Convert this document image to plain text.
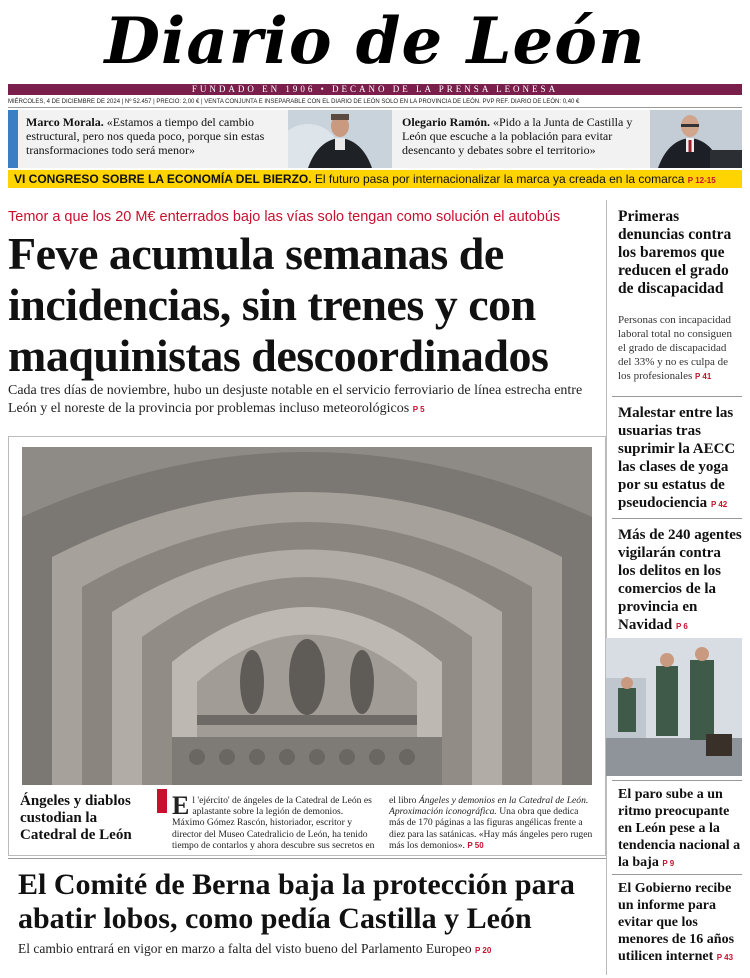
Diario de León
FUNDADO EN 1906 • DECANO DE LA PRENSA LEONESA
MIÉRCOLES, 4 DE DICIEMBRE DE 2024 | Nº 52.457 | PRECIO: 2,00 € | VENTA CONJUNTA E INSEPARABLE CON EL DIARIO DE LEÓN SOLO EN LA PROVINCIA DE LEÓN. PVP REF. DIARIO DE LEÓN: 0,40 €
Marco Morala. «Estamos a tiempo del cambio estructural, pero nos queda poco, porque sin estas transformaciones todo será menor»
Olegario Ramón. «Pido a la Junta de Castilla y León que escuche a la población para evitar desencanto y debates sobre el territorio»
VI CONGRESO SOBRE LA ECONOMÍA DEL BIERZO. El futuro pasa por internacionalizar la marca ya creada en la comarca P 12-15
Temor a que los 20 M€ enterrados bajo las vías solo tengan como solución el autobús
Feve acumula semanas de incidencias, sin trenes y con maquinistas descoordinados
Cada tres días de noviembre, hubo un desjuste notable en el servicio ferroviario de línea estrecha entre León y el noreste de la provincia por problemas incluso meteorológicos P 5
Ángeles y diablos custodian la Catedral de León
El 'ejército' de ángeles de la Catedral de León es aplastante sobre la legión de demonios. Máximo Gómez Rascón, historiador, escritor y director del Museo Catedralicio de León, ha tenido tiempo de contarlos y ahora descubre sus secretos en el libro Ángeles y demonios en la Catedral de León. Aproximación iconográfica. Una obra que dedica más de 170 páginas a las figuras angélicas frente a diez para las satánicas. «Hay más ángeles pero rugen más los demonios». P 50
El Comité de Berna baja la protección para abatir lobos, como pedía Castilla y León
El cambio entrará en vigor en marzo a falta del visto bueno del Parlamento Europeo P 20
Primeras denuncias contra los baremos que reducen el grado de discapacidad
Personas con incapacidad laboral total no consiguen el grado de discapacidad del 33% y no es culpa de los profesionales P 41
Malestar entre las usuarias tras suprimir la AECC las clases de yoga por su estatus de pseudociencia P 42
Más de 240 agentes vigilarán contra los delitos en los comercios de la provincia en Navidad P 6
El paro sube a un ritmo preocupante en León pese a la tendencia nacional a la baja P 9
El Gobierno recibe un informe para evitar que los menores de 16 años utilicen internet P 43
